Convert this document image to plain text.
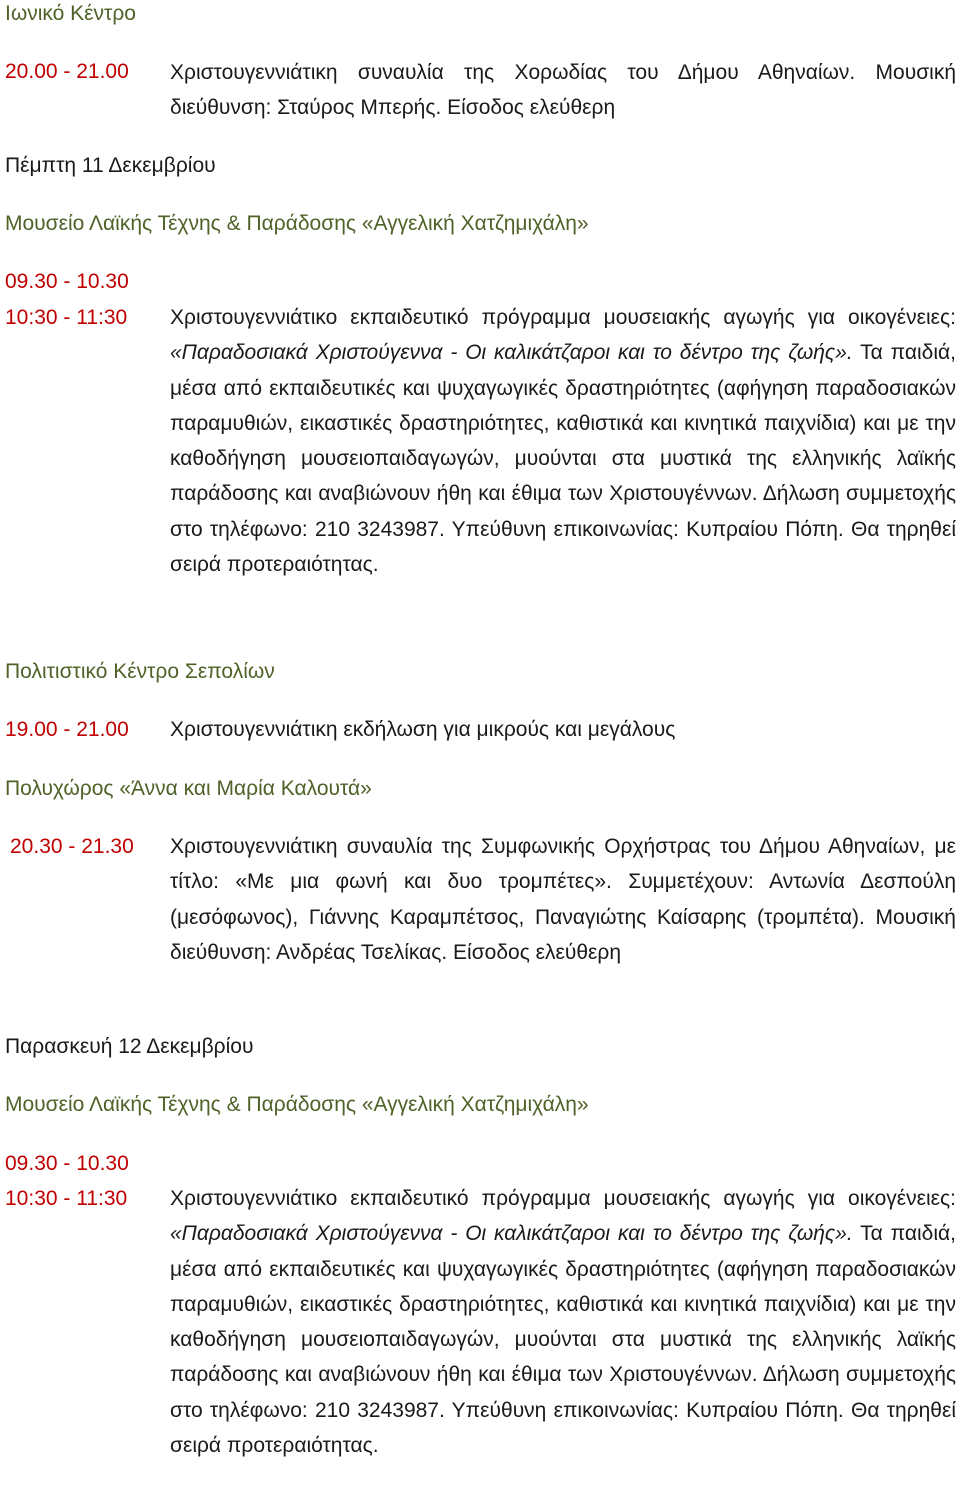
Ιωνικό Κέντρο
20.00 - 21.00 Χριστουγεννιάτικη συναυλία της Χορωδίας του Δήμου Αθηναίων. Μουσική διεύθυνση: Σταύρος Μπερής. Είσοδος ελεύθερη
Πέμπτη 11 Δεκεμβρίου
Μουσείο Λαϊκής Τέχνης & Παράδοσης «Αγγελική Χατζημιχάλη»
09.30 - 10.30
10:30 - 11:30 Χριστουγεννιάτικο εκπαιδευτικό πρόγραμμα μουσειακής αγωγής για οικογένειες: «Παραδοσιακά Χριστούγεννα - Οι καλικάτζαροι και το δέντρο της ζωής». Τα παιδιά, μέσα από εκπαιδευτικές και ψυχαγωγικές δραστηριότητες (αφήγηση παραδοσιακών παραμυθιών, εικαστικές δραστηριότητες, καθιστικά και κινητικά παιχνίδια) και με την καθοδήγηση μουσειοπαιδαγωγών, μυούνται στα μυστικά της ελληνικής λαϊκής παράδοσης και αναβιώνουν ήθη και έθιμα των Χριστουγέννων. Δήλωση συμμετοχής στο τηλέφωνο: 210 3243987. Υπεύθυνη επικοινωνίας: Κυπραίου Πόπη. Θα τηρηθεί σειρά προτεραιότητας.
Πολιτιστικό Κέντρο Σεπολίων
19.00 - 21.00 Χριστουγεννιάτικη εκδήλωση για μικρούς και μεγάλους
Πολυχώρος «Άννα και Μαρία Καλουτά»
20.30 - 21.30 Χριστουγεννιάτικη συναυλία της Συμφωνικής Ορχήστρας του Δήμου Αθηναίων, με τίτλο: «Με μια φωνή και δυο τρομπέτες». Συμμετέχουν: Αντωνία Δεσπούλη (μεσόφωνος), Γιάννης Καραμπέτσος, Παναγιώτης Καίσαρης (τρομπέτα). Μουσική διεύθυνση: Ανδρέας Τσελίκας. Είσοδος ελεύθερη
Παρασκευή 12 Δεκεμβρίου
Μουσείο Λαϊκής Τέχνης & Παράδοσης «Αγγελική Χατζημιχάλη»
09.30 - 10.30
10:30 - 11:30 Χριστουγεννιάτικο εκπαιδευτικό πρόγραμμα μουσειακής αγωγής για οικογένειες: «Παραδοσιακά Χριστούγεννα - Οι καλικάτζαροι και το δέντρο της ζωής». Τα παιδιά, μέσα από εκπαιδευτικές και ψυχαγωγικές δραστηριότητες (αφήγηση παραδοσιακών παραμυθιών, εικαστικές δραστηριότητες, καθιστικά και κινητικά παιχνίδια) και με την καθοδήγηση μουσειοπαιδαγωγών, μυούνται στα μυστικά της ελληνικής λαϊκής παράδοσης και αναβιώνουν ήθη και έθιμα των Χριστουγέννων. Δήλωση συμμετοχής στο τηλέφωνο: 210 3243987. Υπεύθυνη επικοινωνίας: Κυπραίου Πόπη. Θα τηρηθεί σειρά προτεραιότητας.
